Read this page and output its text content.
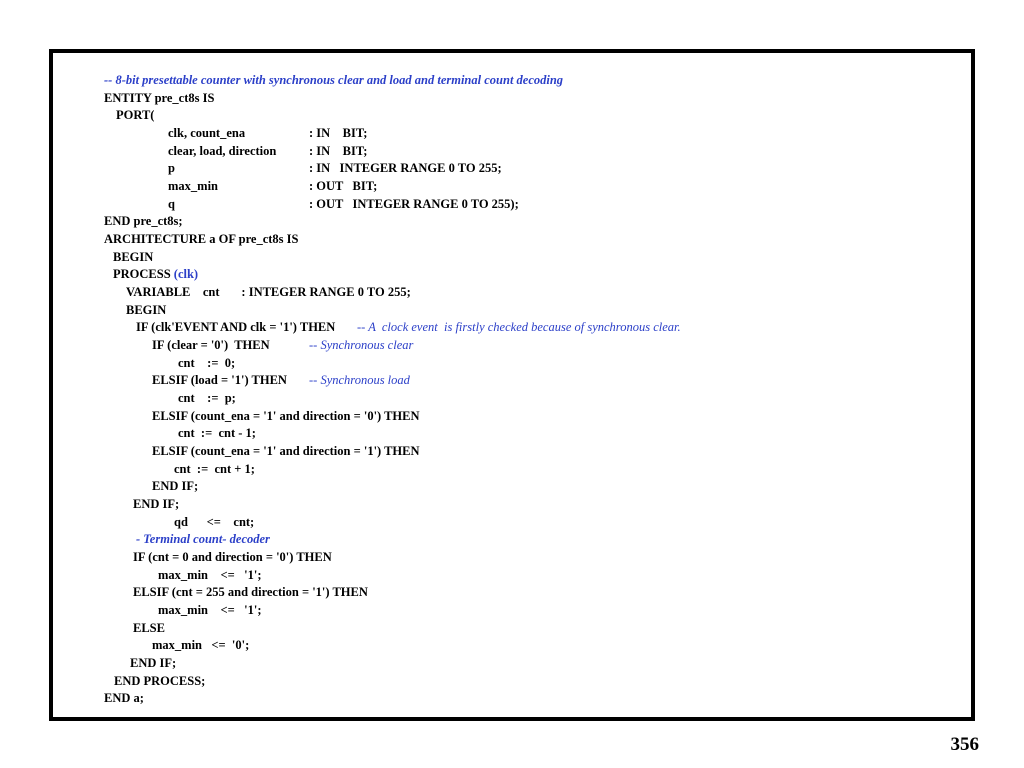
-- 8-bit presettable counter with synchronous clear and load and terminal count decoding
ENTITY pre_ct8s IS
PORT(
clk, count_ena	: IN    BIT;
clear, load, direction	: IN    BIT;
p	: IN   INTEGER RANGE 0 TO 255;
max_min	: OUT   BIT;
q	: OUT   INTEGER RANGE 0 TO 255);
END pre_ct8s;
ARCHITECTURE a OF pre_ct8s IS
BEGIN
PROCESS (clk)
VARIABLE    cnt       : INTEGER RANGE 0 TO 255;
BEGIN
IF (clk'EVENT AND clk = '1') THEN -- A  clock event  is firstly checked because of synchronous clear.
IF (clear = '0')  THEN	-- Synchronous clear
cnt    :=  0;
ELSIF (load = '1') THEN -- Synchronous load
cnt    :=  p;
ELSIF (count_ena = '1' and direction = '0') THEN
cnt  :=  cnt - 1;
ELSIF (count_ena = '1' and direction = '1') THEN
cnt  :=  cnt + 1;
END IF;
END IF;
qd      <=    cnt;
- Terminal count- decoder
IF (cnt = 0 and direction = '0') THEN
max_min    <=   '1';
ELSIF (cnt = 255 and direction = '1') THEN
max_min    <=   '1';
ELSE
max_min   <=  '0';
END IF;
END PROCESS;
END a;
356
